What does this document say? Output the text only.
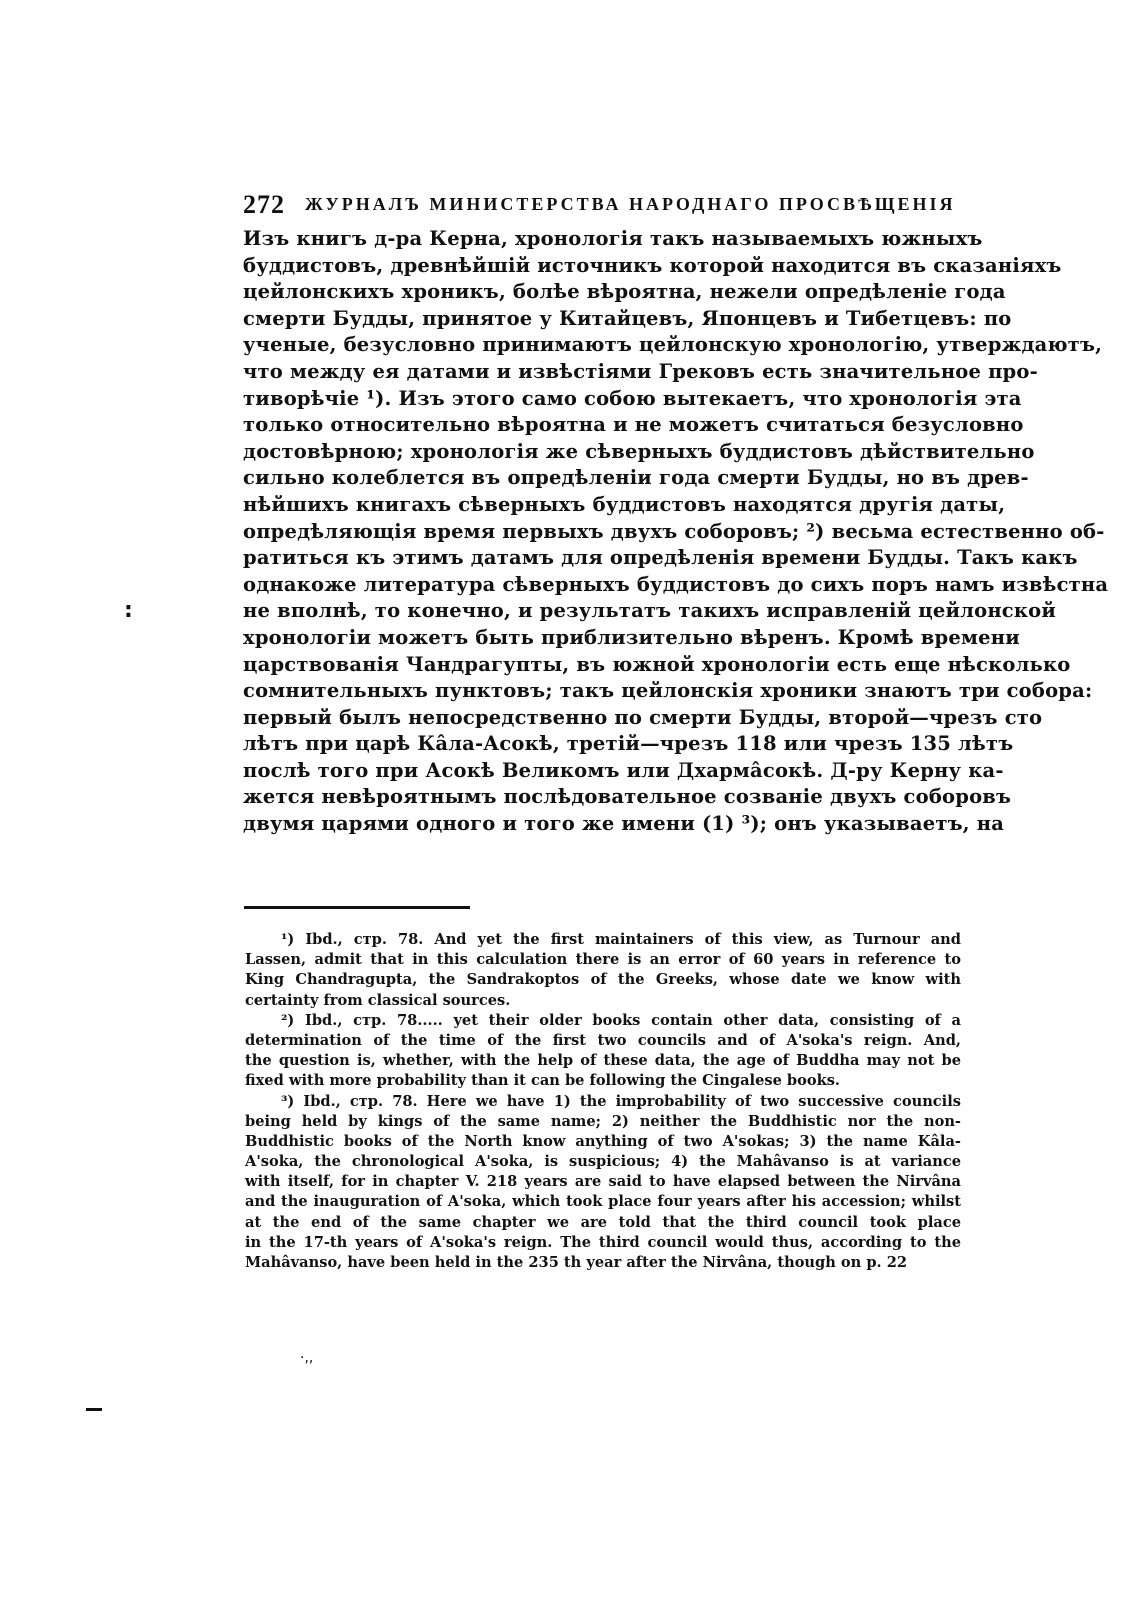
272 ЖУРНАЛЪ МИНИСТЕРСТВА НАРОДНАГО ПРОСВѢЩЕНІЯ
Изъ книгъ д-ра Керна, хронологія такъ называемыхъ южныхъ
буддистовъ, древнѣйшій источникъ которой находится въ сказаніяхъ
цейлонскихъ хроникъ, болѣе вѣроятна, нежели опредѣленіе года
смерти Будды, принятое у Китайцевъ, Японцевъ и Тибетцевъ: по
ученые, безусловно принимаютъ цейлонскую хронологію, утверждаютъ,
что между ея датами и извѣстіями Грековъ есть значительное про-
тиворѣчіе ¹). Изъ этого само собою вытекаетъ, что хронологія эта
только относительно вѣроятна и не можетъ считаться безусловно
достовѣрною; хронологія же сѣверныхъ буддистовъ дѣйствительно
сильно колеблется въ опредѣленіи года смерти Будды, но въ древ-
нѣйшихъ книгахъ сѣверныхъ буддистовъ находятся другія даты,
опредѣляющія время первыхъ двухъ соборовъ; ²) весьма естественно об-
ратиться къ этимъ датамъ для опредѣленія времени Будды. Такъ какъ
однакоже литература сѣверныхъ буддистовъ до сихъ поръ намъ извѣстна
не вполнѣ, то конечно, и результатъ такихъ исправленій цейлонской
хронологіи можетъ быть приблизительно вѣренъ. Кромѣ времени
царствованія Чандрагупты, въ южной хронологіи есть еще нѣсколько
сомнительныхъ пунктовъ; такъ цейлонскія хроники знаютъ три собора:
первый былъ непосредственно по смерти Будды, второй—чрезъ сто
лѣтъ при царѣ Кâла-Асокѣ, третій—чрезъ 118 или чрезъ 135 лѣтъ
послѣ того при Асокѣ Великомъ или Дхармâсокѣ. Д-ру Керну ка-
жется невѣроятнымъ послѣдовательное созваніе двухъ соборовъ
двумя царями одного и того же имени (1) ³); онъ указываетъ, на
¹) Ibd., стр. 78. And yet the first maintainers of this view, as Turnour and
Lassen, admit that in this calculation there is an error of 60 years in reference to
King Chandragupta, the Sandrakoptos of the Greeks, whose date we know with
certainty from classical sources.
²) Ibd., стр. 78..... yet their older books contain other data, consisting of a
determination of the time of the first two councils and of A'soka's reign. And,
the question is, whether, with the help of these data, the age of Buddha may not be
fixed with more probability than it can be following the Cingalese books.
³) Ibd., стр. 78. Here we have 1) the improbability of two successive councils
being held by kings of the same name; 2) neither the Buddhistic nor the non-
Buddhistic books of the North know anything of two A'sokas; 3) the name Kâla-
A'soka, the chronological A'soka, is suspicious; 4) the Mahâvanso is at variance
with itself, for in chapter V. 218 years are said to have elapsed between the Nirvâna
and the inauguration of A'soka, which took place four years after his accession; whilst
at the end of the same chapter we are told that the third council took place
in the 17-th years of A'soka's reign. The third council would thus, according to the
Mahâvanso, have been held in the 235 th year after the Nirvâna, though on p. 22
:
·,,
